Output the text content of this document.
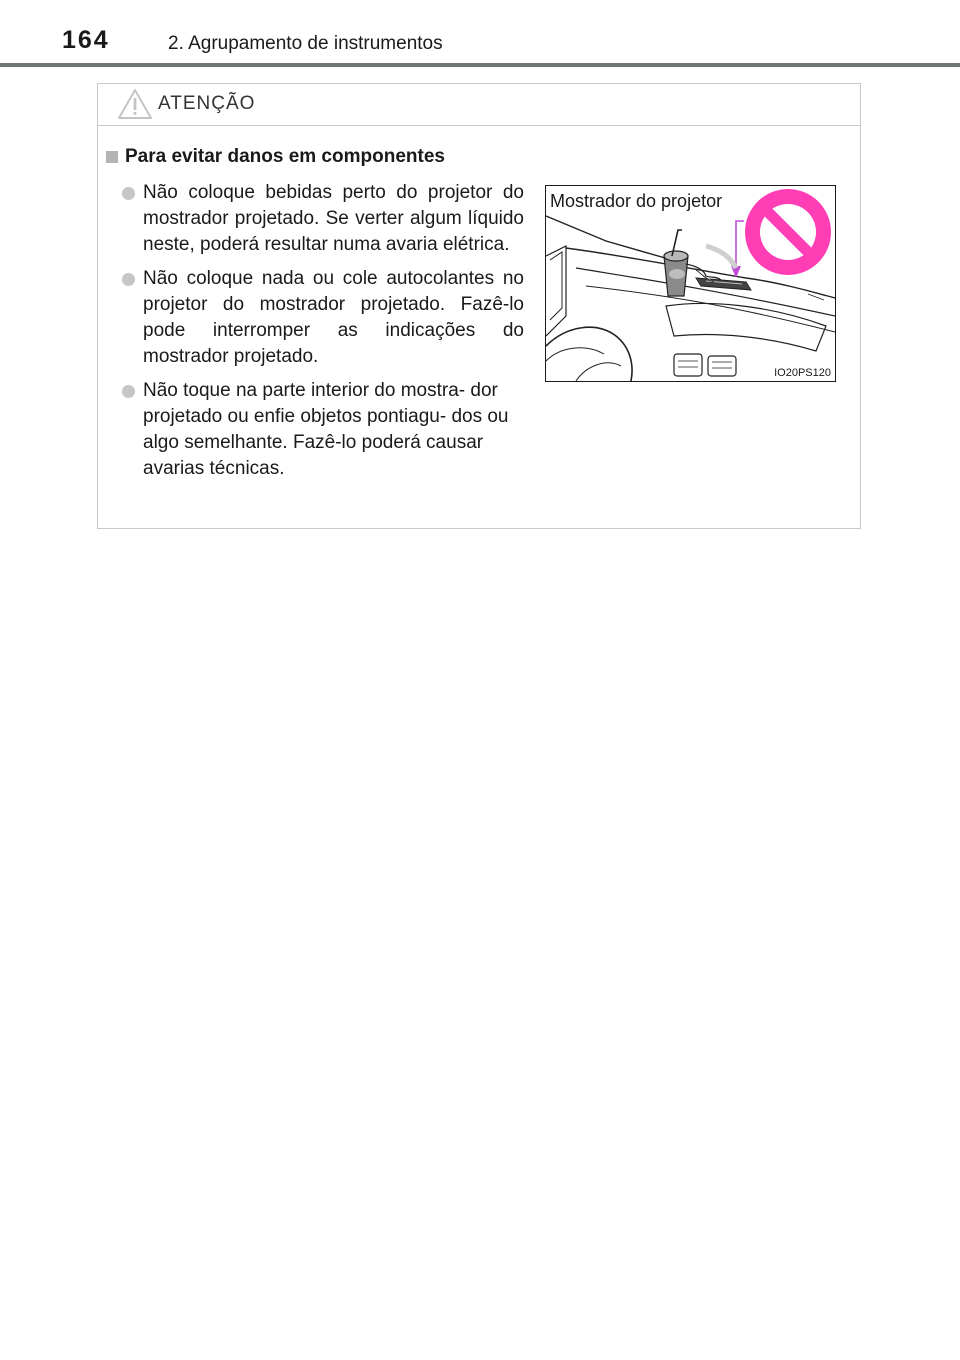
164	2. Agrupamento de instrumentos
ATENÇÃO
Para evitar danos em componentes
Não coloque bebidas perto do projetor do mostrador projetado. Se verter algum líquido neste, poderá resultar numa avaria elétrica.
Não coloque nada ou cole autocolantes no projetor do mostrador projetado. Fazê-lo pode interromper as indicações do mostrador projetado.
Não toque na parte interior do mostra- dor projetado ou enfie objetos pontiagu- dos ou algo semelhante. Fazê-lo poderá causar avarias técnicas.
Mostrador do projetor
IO20PS120
